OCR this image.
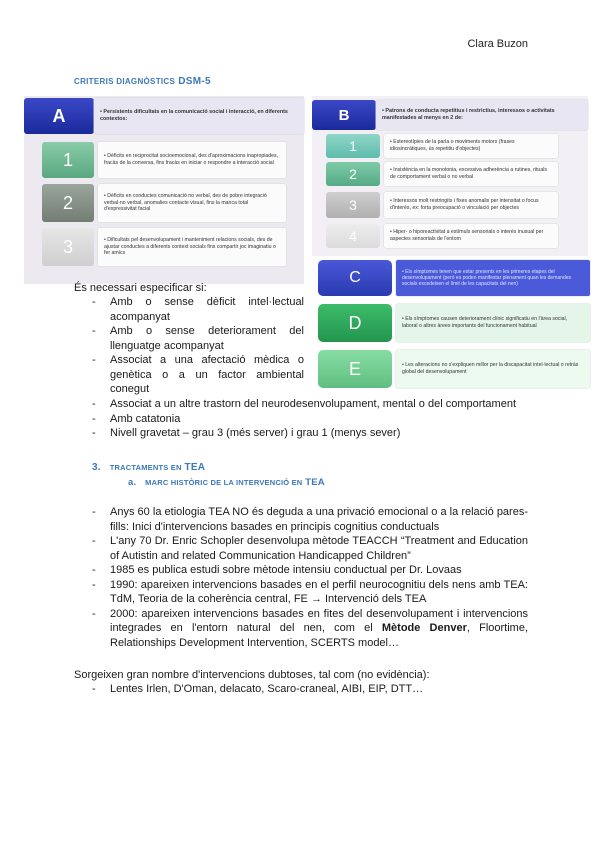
Clara Buzon
CRITERIS DIAGNÒSTICS DSM-5
A	• Persistents dificultats en la comunicació social i interacció, en diferents contextos:
1	• Dèficits en reciprocitat socioemocional, des d'aproximacions inapropiades, fracàs de la conversa, fins fracàs en iniciar o respondre a interacció social
2	• Dèficits en conductes comunicació no verbal, des de pobre integració verbal-no verbal, anomalies contacte visual, fins la manca total d'expressivitat facial
3	• Dificultats pel desenvolupament i manteniment relacions socials, des de ajustar conductes a diferents context socials fins compartir joc imaginatiu o fer amics
B	• Patrons de conducta repetitius i restrictius, interessos o activitats manifestades al menys en 2 de:
1	• Estereotípies de la parla o moviments motors (frases idiosincràtiques, ús repetitiu d'objectes)
2	• Insistència en la monotonia, excessiva adherència a rutines, rituals de comportament verbal o no verbal
3	• Interessos molt restringits i fixes anomalis per intensitat o focus d'interès, ex: forta preocupació o vinculació per objectes
4	• Hiper- o hiporeactivitat a estímuls sensorials o interès inusual per aspectes sensorials de l'entorn
C	• Els símptomes tenen que estar presents en les primeres etapes del desenvolupament (però es poden manifestar plenament quan les demandes socials excedeixen el límit de les capacitats del nen)
D	• Els símptomes causen deteriorament clínic significatiu en l'àrea social, laboral o altres àrees importants del funcionament habitual
E	• Les alteracions no s'expliquen millor per la discapacitat intel·lectual o retràs global del desenvolupament
És necessari especificar si:
- Amb o sense dèficit intel·lectual acompanyat
- Amb o sense deteriorament del llenguatge acompanyat
- Associat a una afectació mèdica o genètica o a un factor ambiental conegut
- Associat a un altre trastorn del neurodesenvolupament, mental o del comportament
- Amb catatonia
- Nivell gravetat – grau 3 (més server) i grau 1 (menys sever)
3. TRACTAMENTS EN TEA
a. MARC HISTÒRIC DE LA INTERVENCIÓ EN TEA
- Anys 60 la etiologia TEA NO és deguda a una privació emocional o a la relació pares-fills: Inici d'intervencions basades en principis cognitius conductuals
- L'any 70 Dr. Enric Schopler desenvolupa mètode TEACCH “Treatment and Education of Autistin and related Communication Handicapped Children”
- 1985 es publica estudi sobre mètode intensiu conductual per Dr. Lovaas
- 1990: apareixen intervencions basades en el perfil neurocognitiu dels nens amb TEA: TdM, Teoria de la coherència central, FE → Intervenció dels TEA
- 2000: apareixen intervencions basades en fites del desenvolupament i intervencions integrades en l'entorn natural del nen, com el Mètode Denver, Floortime, Relationships Development Intervention, SCERTS model…
Sorgeixen gran nombre d'intervencions dubtoses, tal com (no evidència):
- Lentes Irlen, D'Oman, delacato, Scaro-craneal, AIBI, EIP, DTT…
